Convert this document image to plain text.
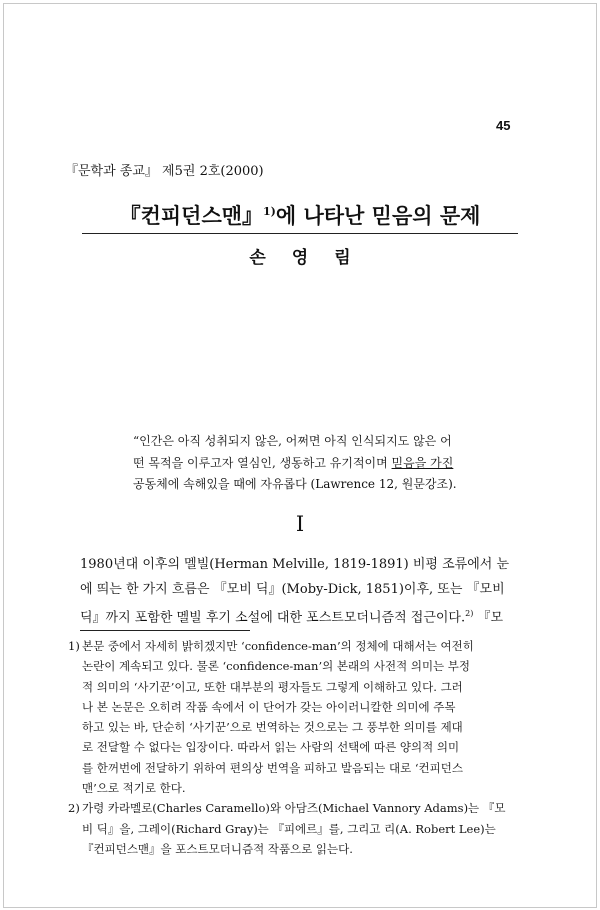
45
『문학과 종교』 제5권 2호(2000)
『컨피던스맨』$^{1)}$에 나타난 믿음의 문제
손영림

“인간은 아직 성취되지 않은, 어쩌면 아직 인식되지도 않은 어

떤 목적을 이루고자 열심인, 생동하고 유기적이며 믿음을 가진

공동체에 속해있을 때에 자유롭다 (Lawrence 12, 원문강조).

I

1980년대 이후의 멜빌(Herman Melville, 1819-1891) 비평 조류에서 눈

에 띄는 한 가지 흐름은 『모비 딕』(Moby-Dick, 1851)이후, 또는 『모비

딕』까지 포함한 멜빌 후기 소설에 대한 포스트모더니즘적 접근이다.$^{2)}$ 『모

1) 본문 중에서 자세히 밝히겠지만 ‘confidence-man’의 정체에 대해서는 여전히

논란이 계속되고 있다. 물론 ‘confidence-man’의 본래의 사전적 의미는 부정

적 의미의 ‘사기꾼’이고, 또한 대부분의 평자들도 그렇게 이해하고 있다. 그러

나 본 논문은 오히려 작품 속에서 이 단어가 갖는 아이러니칼한 의미에 주목

하고 있는 바, 단순히 ‘사기꾼’으로 번역하는 것으로는 그 풍부한 의미를 제대

로 전달할 수 없다는 입장이다. 따라서 읽는 사람의 선택에 따른 양의적 의미

를 한꺼번에 전달하기 위하여 편의상 번역을 피하고 발음되는 대로 ‘컨피던스

맨’으로 적기로 한다.

2) 가령 카라멜로(Charles Caramello)와 아담즈(Michael Vannory Adams)는 『모

비 딕』을, 그레이(Richard Gray)는 『피에르』를, 그리고 리(A. Robert Lee)는

『컨피던스맨』을 포스트모더니즘적 작품으로 읽는다.
